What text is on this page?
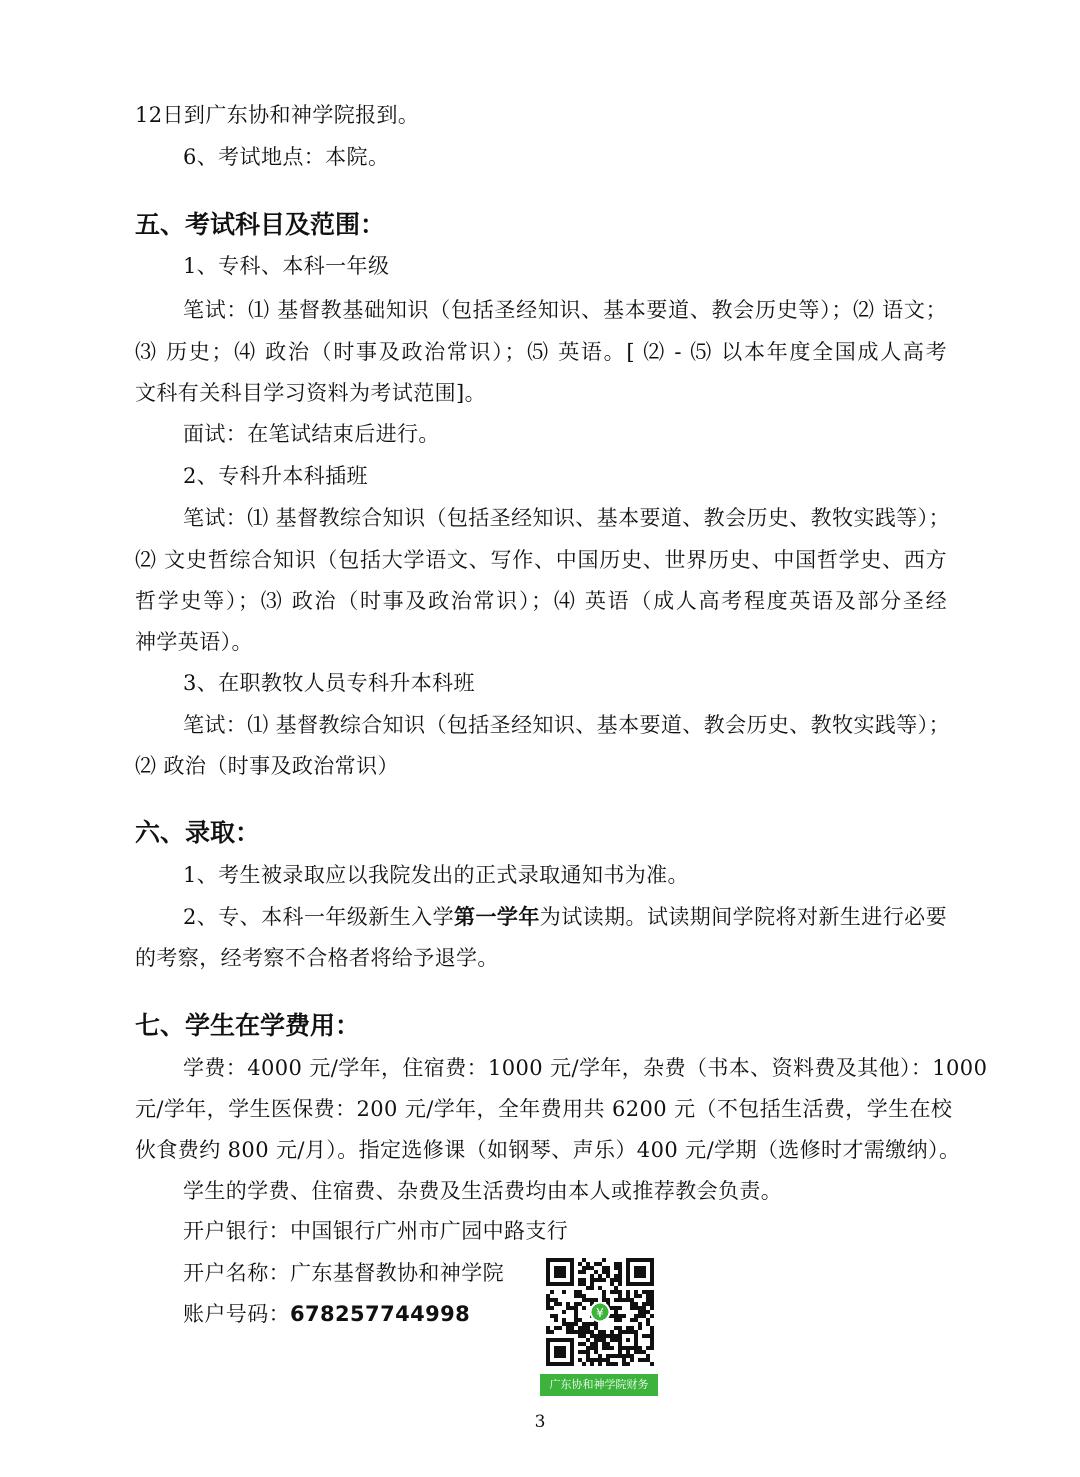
12日到广东协和神学院报到。
6、考试地点：本院。
五、考试科目及范围：
1、专科、本科一年级
笔试：⑴ 基督教基础知识（包括圣经知识、基本要道、教会历史等）；⑵ 语文；
⑶ 历史；⑷ 政治（时事及政治常识）；⑸ 英语。[ ⑵ - ⑸ 以本年度全国成人高考
文科有关科目学习资料为考试范围]。
面试：在笔试结束后进行。
2、专科升本科插班
笔试：⑴ 基督教综合知识（包括圣经知识、基本要道、教会历史、教牧实践等）；
⑵ 文史哲综合知识（包括大学语文、写作、中国历史、世界历史、中国哲学史、西方
哲学史等）；⑶ 政治（时事及政治常识）；⑷ 英语（成人高考程度英语及部分圣经
神学英语）。
3、在职教牧人员专科升本科班
笔试：⑴ 基督教综合知识（包括圣经知识、基本要道、教会历史、教牧实践等）；
⑵ 政治（时事及政治常识）
六、录取：
1、考生被录取应以我院发出的正式录取通知书为准。
2、专、本科一年级新生入学第一学年为试读期。试读期间学院将对新生进行必要
的考察，经考察不合格者将给予退学。
七、学生在学费用：
学费：4000 元/学年，住宿费：1000 元/学年，杂费（书本、资料费及其他）：1000
元/学年，学生医保费：200 元/学年，全年费用共 6200 元（不包括生活费，学生在校
伙食费约 800 元/月）。指定选修课（如钢琴、声乐）400 元/学期（选修时才需缴纳）。
学生的学费、住宿费、杂费及生活费均由本人或推荐教会负责。
开户银行：中国银行广州市广园中路支行
开户名称：广东基督教协和神学院
账户号码：678257744998	¥
广东协和神学院财务
3
